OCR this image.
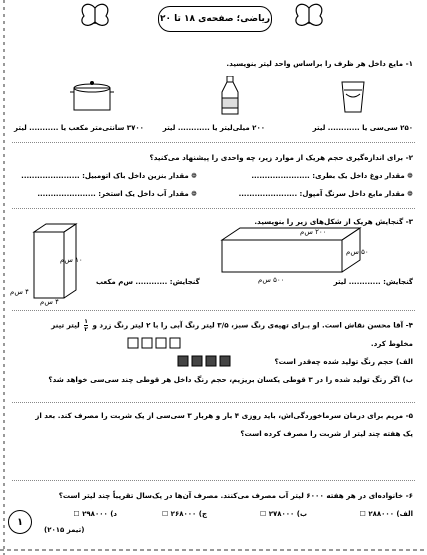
ریاضی؛ صفحه‌ی ۱۸ تا ۲۰
۱- مایع داخل هر ظرف را براساس واحد لیتر بنویسید.
۲۵۰ سی‌سی یا ............ لیتر
۲۰۰ میلی‌لیتر یا ............ لیتر
۳۷۰۰ سانتی‌متر مکعب یا ........... لیتر
۲- برای اندازه‌گیری حجم هریک از موارد زیر، چه واحدی را پیشنهاد می‌کنید؟
❁ مقدار دوغ داخل یک بطری: ......................
❁ مقدار بنزین داخل باک اتومبیل: ......................
❁ مقدار مایع داخل سرنگ آمپول: ......................
❁ مقدار آب داخل یک استخر: ......................
۳- گنجایش هریک از شکل‌های زیر را بنویسید.
۲۰۰ س‌م
۵۰ س‌م
۵۰۰ س‌م	گنجایش: ............ لیتر
۱۰ س‌م
۴ س‌م
۴ س‌م
گنجایش: ............ س‌م مکعب
۴- آقا محسن نقاش است. او بـرای تهیه‌ی رنگ سبز، ۳/۵ لیتر رنگ آبی را با ۲ لیتر رنگ زرد و
۱
۲
لیتر تینر
مخلوط کرد.
الف) حجم رنگ تولید شده چه‌قدر است؟
ب) اگر رنگ تولید شده را در ۳ قوطی یکسان بریزیم، حجم رنگ داخل هر قوطی چند سی‌سی خواهد شد؟
۵- مریم برای درمان سرماخوردگی‌اش، باید روزی ۴ بار و هربار ۳ سی‌سی از یک شربت را مصرف کند. بعد از
یک هفته چند لیتر از شربت را مصرف کرده است؟
۶- خانواده‌ای در هر هفته ۶۰۰۰ لیتر آب مصرف می‌کنند. مصرف آن‌ها در یک‌سال تقریباً چند لیتر است؟
الف) ۲۸۸۰۰۰ ☐
ب) ۲۷۸۰۰۰ ☐
ج) ۲۶۸۰۰۰ ☐
د) ۲۹۸۰۰۰ ☐
(تیمز ۲۰۱۵)
۱
